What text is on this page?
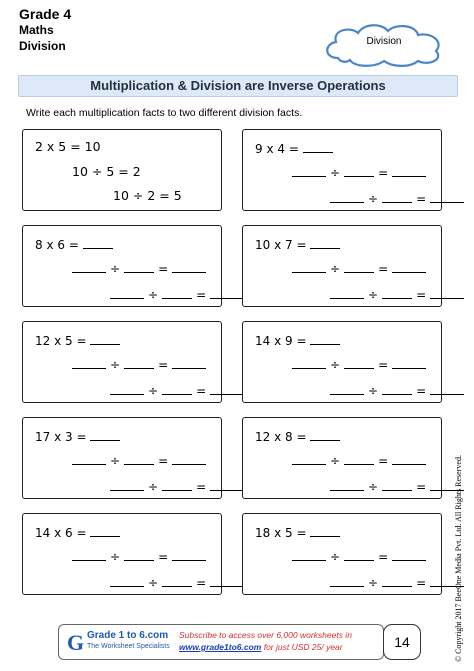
Grade 4
Maths
Division	Division
Multiplication & Division are Inverse Operations
Write each multiplication facts to two different division facts.
2 x 5 = 10
10 ÷ 5 = 2
10 ÷ 2 = 5
9 x 4 =
÷	=
÷	=
8 x 6 =
÷	=
÷	=
10 x 7 =
÷	=
÷	=
12 x 5 =
÷	=
÷	=
14 x 9 =
÷	=
÷	=
17 x 3 =
÷	=
÷	=
12 x 8 =
÷	=
÷	=
14 x 6 =
÷	=
÷	=
18 x 5 =
÷	=
÷	=	© Copyright 2017 BeeOne Media Pvt. Ltd. All Rights Reserved.
G Grade 1 to 6.com
The Worksheet Specialists
Subscribe to access over 6,000 worksheets in
www.grade1to6.com for just USD 25/ year	14
